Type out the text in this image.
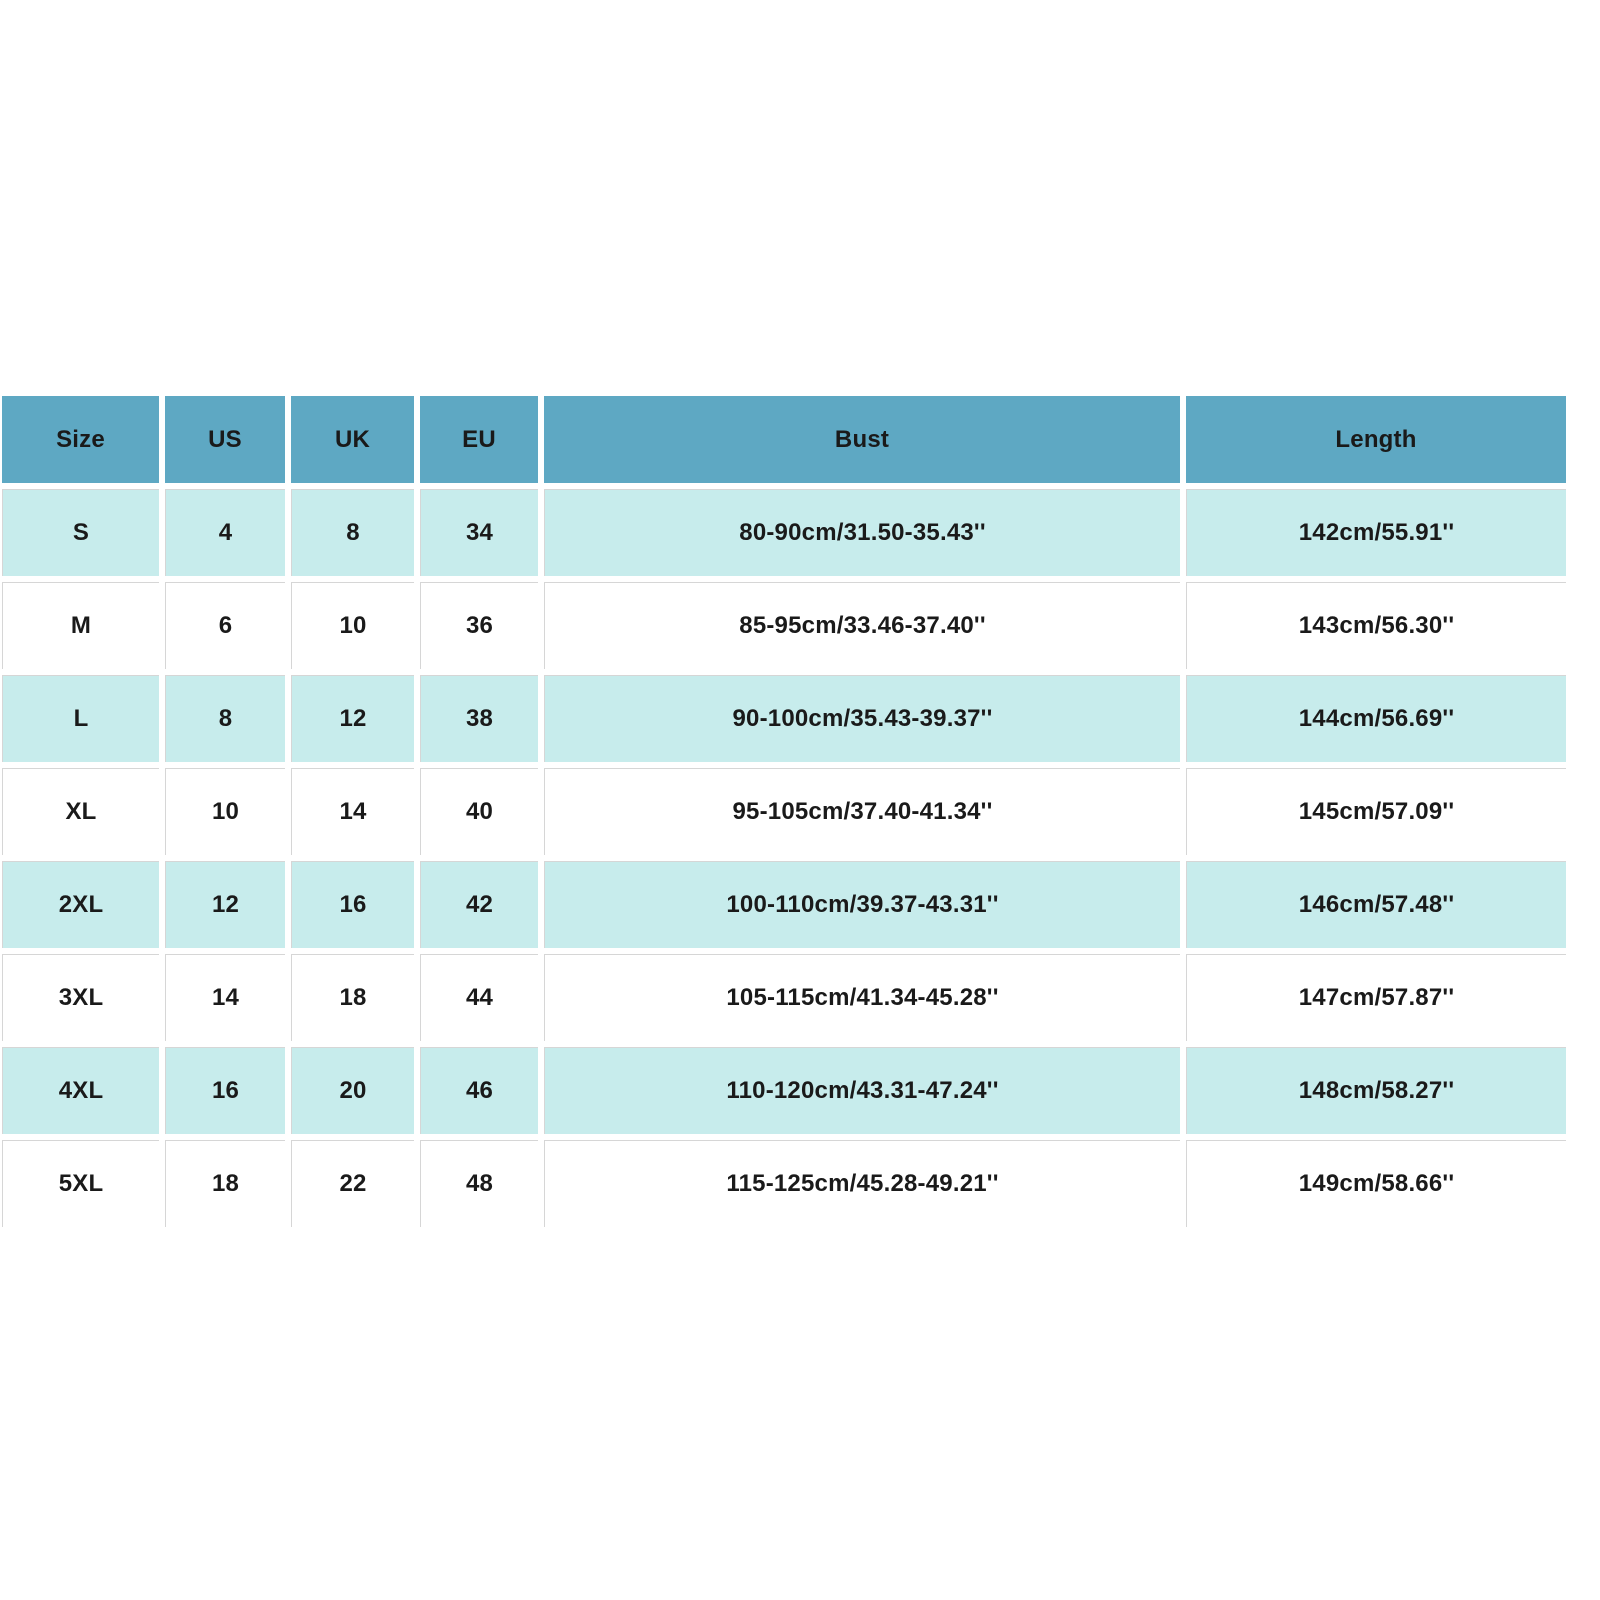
Size	US	UK	EU	Bust	Length
S	4	8	34	80-90cm/31.50-35.43''	142cm/55.91''
M	6	10	36	85-95cm/33.46-37.40''	143cm/56.30''
L	8	12	38	90-100cm/35.43-39.37''	144cm/56.69''
XL	10	14	40	95-105cm/37.40-41.34''	145cm/57.09''
2XL	12	16	42	100-110cm/39.37-43.31''	146cm/57.48''
3XL	14	18	44	105-115cm/41.34-45.28''	147cm/57.87''
4XL	16	20	46	110-120cm/43.31-47.24''	148cm/58.27''
5XL	18	22	48	115-125cm/45.28-49.21''	149cm/58.66''
